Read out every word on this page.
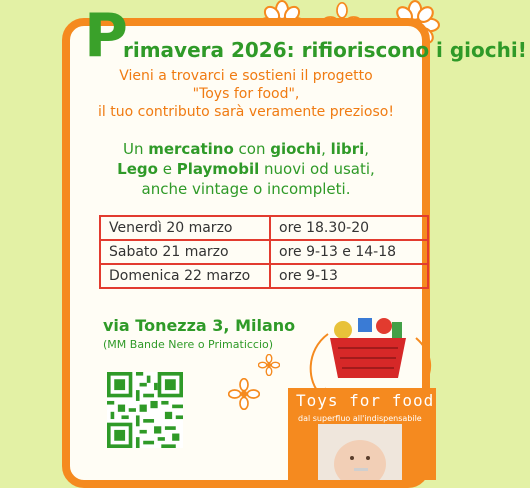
P
rimavera 2026: rifioriscono i giochi!
Vieni a trovarci e sostieni il progetto
"Toys for food",
il tuo contributo sarà veramente prezioso!
Un mercatino con giochi, libri,
Lego e Playmobil nuovi od usati,
anche vintage o incompleti.
Venerdì 20 marzo	ore 18.30-20
Sabato 21 marzo	ore 9-13 e 14-18
Domenica 22 marzo	ore 9-13
via Tonezza 3, Milano
(MM Bande Nere o Primaticcio)
Toys for food
dal superfluo all'indispensabile
